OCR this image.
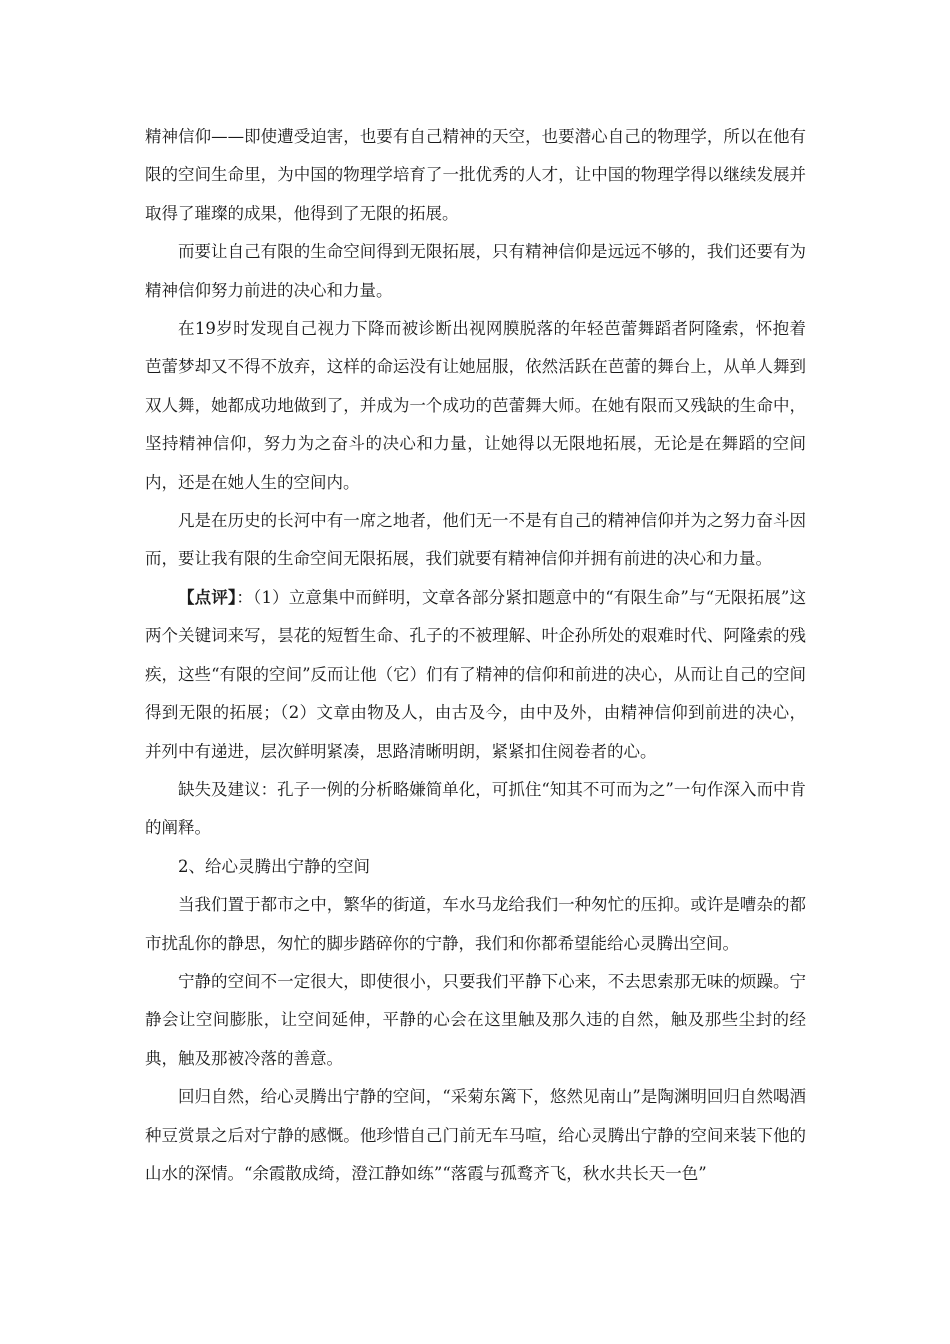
精神信仰——即使遭受迫害，也要有自己精神的天空，也要潜心自己的物理学，所以在他有限的空间生命里，为中国的物理学培育了一批优秀的人才，让中国的物理学得以继续发展并取得了璀璨的成果，他得到了无限的拓展。

而要让自己有限的生命空间得到无限拓展，只有精神信仰是远远不够的，我们还要有为精神信仰努力前进的决心和力量。

在19岁时发现自己视力下降而被诊断出视网膜脱落的年轻芭蕾舞蹈者阿隆索，怀抱着芭蕾梦却又不得不放弃，这样的命运没有让她屈服，依然活跃在芭蕾的舞台上，从单人舞到双人舞，她都成功地做到了，并成为一个成功的芭蕾舞大师。在她有限而又残缺的生命中，坚持精神信仰，努力为之奋斗的决心和力量，让她得以无限地拓展，无论是在舞蹈的空间内，还是在她人生的空间内。

凡是在历史的长河中有一席之地者，他们无一不是有自己的精神信仰并为之努力奋斗因而，要让我有限的生命空间无限拓展，我们就要有精神信仰并拥有前进的决心和力量。

【点评】：（1）立意集中而鲜明，文章各部分紧扣题意中的“有限生命”与“无限拓展”这两个关键词来写，昙花的短暂生命、孔子的不被理解、叶企孙所处的艰难时代、阿隆索的残疾，这些“有限的空间”反而让他（它）们有了精神的信仰和前进的决心，从而让自己的空间得到无限的拓展；（2）文章由物及人，由古及今，由中及外，由精神信仰到前进的决心，并列中有递进，层次鲜明紧凑，思路清晰明朗，紧紧扣住阅卷者的心。

缺失及建议：孔子一例的分析略嫌简单化，可抓住“知其不可而为之”一句作深入而中肯的阐释。

2、给心灵腾出宁静的空间

当我们置于都市之中，繁华的街道，车水马龙给我们一种匆忙的压抑。或许是嘈杂的都市扰乱你的静思，匆忙的脚步踏碎你的宁静，我们和你都希望能给心灵腾出空间。

宁静的空间不一定很大，即使很小，只要我们平静下心来，不去思索那无味的烦躁。宁静会让空间膨胀，让空间延伸，平静的心会在这里触及那久违的自然，触及那些尘封的经典，触及那被冷落的善意。

回归自然，给心灵腾出宁静的空间，“采菊东篱下，悠然见南山”是陶渊明回归自然喝酒种豆赏景之后对宁静的感慨。他珍惜自己门前无车马喧，给心灵腾出宁静的空间来装下他的山水的深情。“余霞散成绮，澄江静如练”“落霞与孤鹜齐飞，秋水共长天一色”
